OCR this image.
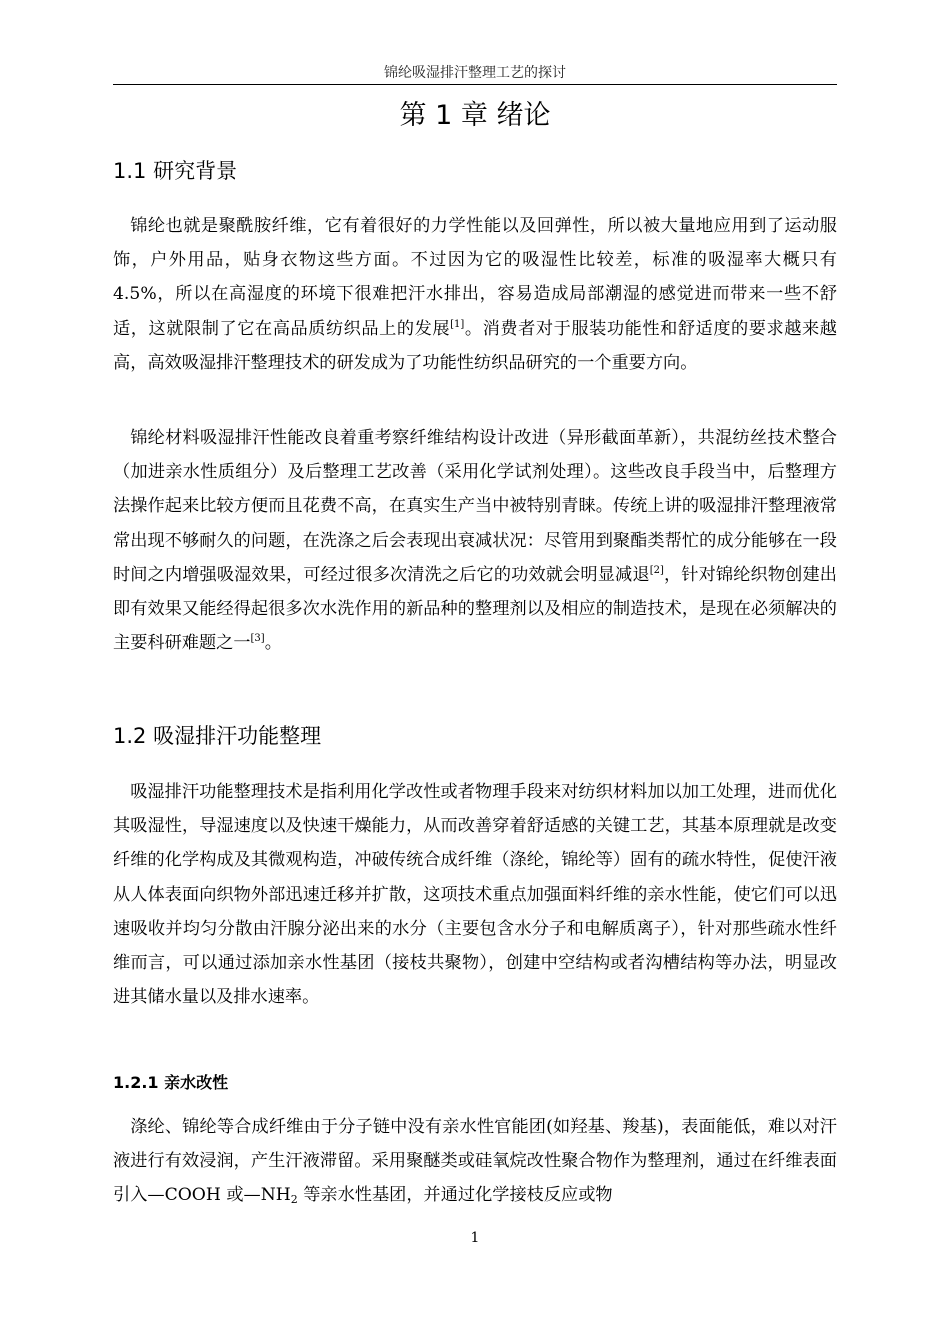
锦纶吸湿排汗整理工艺的探讨
第 1 章 绪论
1.1 研究背景

锦纶也就是聚酰胺纤维，它有着很好的力学性能以及回弹性，所以被大量地应用到了运动服饰，户外用品，贴身衣物这些方面。不过因为它的吸湿性比较差，标准的吸湿率大概只有 4.5%，所以在高湿度的环境下很难把汗水排出，容易造成局部潮湿的感觉进而带来一些不舒适，这就限制了它在高品质纺织品上的发展[1]。消费者对于服装功能性和舒适度的要求越来越高，高效吸湿排汗整理技术的研发成为了功能性纺织品研究的一个重要方向。

锦纶材料吸湿排汗性能改良着重考察纤维结构设计改进（异形截面革新），共混纺丝技术整合（加进亲水性质组分）及后整理工艺改善（采用化学试剂处理）。这些改良手段当中，后整理方法操作起来比较方便而且花费不高，在真实生产当中被特别青睐。传统上讲的吸湿排汗整理液常常出现不够耐久的问题，在洗涤之后会表现出衰减状况：尽管用到聚酯类帮忙的成分能够在一段时间之内增强吸湿效果，可经过很多次清洗之后它的功效就会明显减退[2]，针对锦纶织物创建出即有效果又能经得起很多次水洗作用的新品种的整理剂以及相应的制造技术，是现在必须解决的主要科研难题之一[3]。

1.2 吸湿排汗功能整理

吸湿排汗功能整理技术是指利用化学改性或者物理手段来对纺织材料加以加工处理，进而优化其吸湿性，导湿速度以及快速干燥能力，从而改善穿着舒适感的关键工艺，其基本原理就是改变纤维的化学构成及其微观构造，冲破传统合成纤维（涤纶，锦纶等）固有的疏水特性，促使汗液从人体表面向织物外部迅速迁移并扩散，这项技术重点加强面料纤维的亲水性能，使它们可以迅速吸收并均匀分散由汗腺分泌出来的水分（主要包含水分子和电解质离子），针对那些疏水性纤维而言，可以通过添加亲水性基团（接枝共聚物），创建中空结构或者沟槽结构等办法，明显改进其储水量以及排水速率。

1.2.1 亲水改性

涤纶、锦纶等合成纤维由于分子链中没有亲水性官能团(如羟基、羧基)，表面能低，难以对汗液进行有效浸润，产生汗液滞留。采用聚醚类或硅氧烷改性聚合物作为整理剂，通过在纤维表面引入—COOH 或$—NH_2$ 等亲水性基团，并通过化学接枝反应或物

1
